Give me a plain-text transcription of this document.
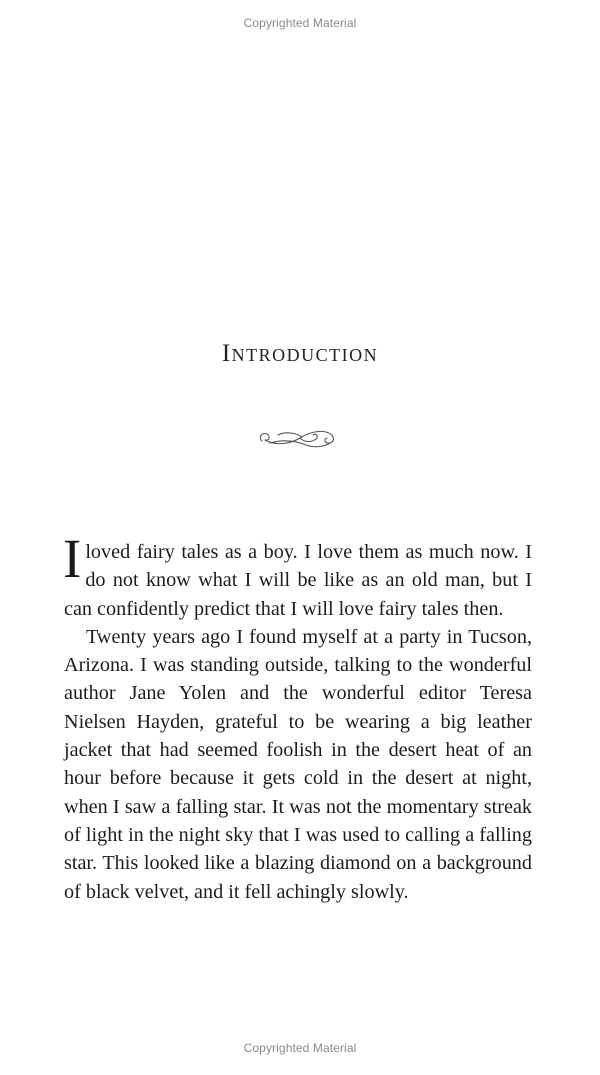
Copyrighted Material
Introduction

I loved fairy tales as a boy. I love them as much now. I do not know what I will be like as an old man, but I can confidently predict that I will love fairy tales then.

Twenty years ago I found myself at a party in Tucson, Arizona. I was standing outside, talking to the wonderful author Jane Yolen and the wonderful editor Teresa Nielsen Hayden, grateful to be wearing a big leather jacket that had seemed foolish in the desert heat of an hour before because it gets cold in the desert at night, when I saw a falling star. It was not the momentary streak of light in the night sky that I was used to calling a falling star. This looked like a blazing diamond on a background of black velvet, and it fell achingly slowly.

Copyrighted Material
